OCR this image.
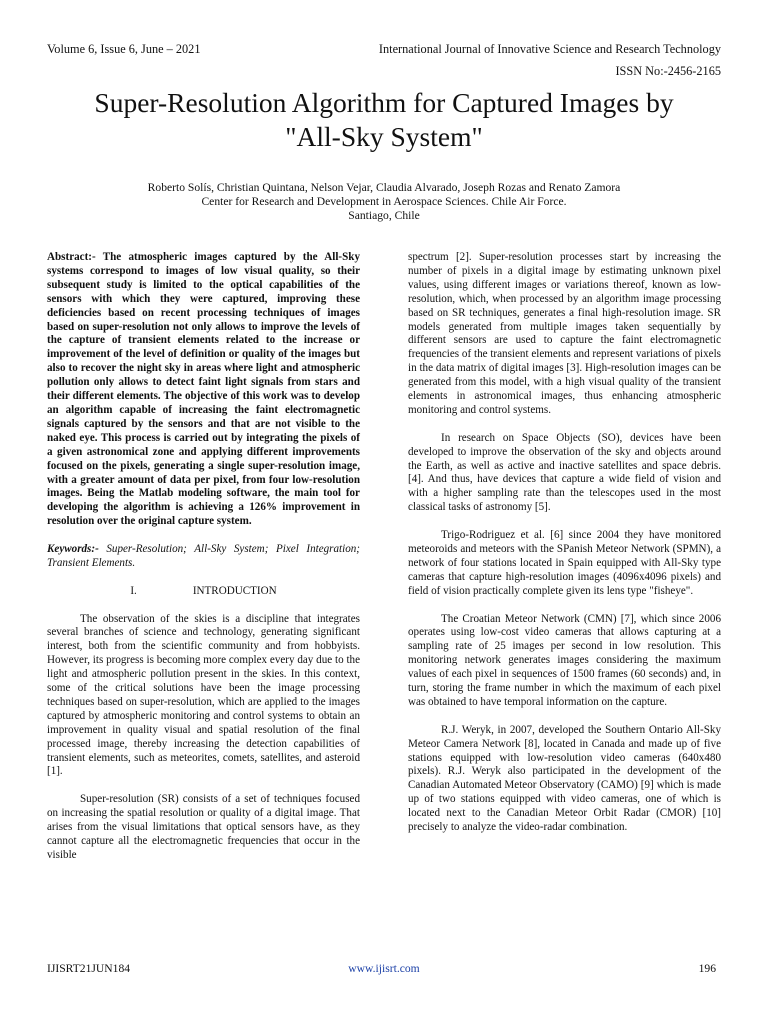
Volume 6, Issue 6, June – 2021	International Journal of Innovative Science and Research Technology
ISSN No:-2456-2165
Super-Resolution Algorithm for Captured Images by
"All-Sky System"
Roberto Solís, Christian Quintana, Nelson Vejar, Claudia Alvarado, Joseph Rozas and Renato Zamora
Center for Research and Development in Aerospace Sciences. Chile Air Force.
Santiago, Chile

Abstract:- The atmospheric images captured by the All-Sky systems correspond to images of low visual quality, so their subsequent study is limited to the optical capabilities of the sensors with which they were captured, improving these deficiencies based on recent processing techniques of images based on super-resolution not only allows to improve the levels of the capture of transient elements related to the increase or improvement of the level of definition or quality of the images but also to recover the night sky in areas where light and atmospheric pollution only allows to detect faint light signals from stars and their different elements. The objective of this work was to develop an algorithm capable of increasing the faint electromagnetic signals captured by the sensors and that are not visible to the naked eye. This process is carried out by integrating the pixels of a given astronomical zone and applying different improvements focused on the pixels, generating a single super-resolution image, with a greater amount of data per pixel, from four low-resolution images. Being the Matlab modeling software, the main tool for developing the algorithm is achieving a 126% improvement in resolution over the original capture system.

Keywords:- Super-Resolution; All-Sky System; Pixel Integration; Transient Elements.

I.	INTRODUCTION

The observation of the skies is a discipline that integrates several branches of science and technology, generating significant interest, both from the scientific community and from hobbyists. However, its progress is becoming more complex every day due to the light and atmospheric pollution present in the skies. In this context, some of the critical solutions have been the image processing techniques based on super-resolution, which are applied to the images captured by atmospheric monitoring and control systems to obtain an improvement in quality visual and spatial resolution of the final processed image, thereby increasing the detection capabilities of transient elements, such as meteorites, comets, satellites, and asteroid [1].

Super-resolution (SR) consists of a set of techniques focused on increasing the spatial resolution or quality of a digital image. That arises from the visual limitations that optical sensors have, as they cannot capture all the electromagnetic frequencies that occur in the visible

spectrum [2]. Super-resolution processes start by increasing the number of pixels in a digital image by estimating unknown pixel values, using different images or variations thereof, known as low-resolution, which, when processed by an algorithm image processing based on SR techniques, generates a final high-resolution image. SR models generated from multiple images taken sequentially by different sensors are used to capture the faint electromagnetic frequencies of the transient elements and represent variations of pixels in the data matrix of digital images [3]. High-resolution images can be generated from this model, with a high visual quality of the transient elements in astronomical images, thus enhancing atmospheric monitoring and control systems.

In research on Space Objects (SO), devices have been developed to improve the observation of the sky and objects around the Earth, as well as active and inactive satellites and space debris. [4]. And thus, have devices that capture a wide field of vision and with a higher sampling rate than the telescopes used in the most classical tasks of astronomy [5].

Trigo-Rodriguez et al. [6] since 2004 they have monitored meteoroids and meteors with the SPanish Meteor Network (SPMN), a network of four stations located in Spain equipped with All-Sky type cameras that capture high-resolution images (4096x4096 pixels) and field of vision practically complete given its lens type "fisheye".

The Croatian Meteor Network (CMN) [7], which since 2006 operates using low-cost video cameras that allows capturing at a sampling rate of 25 images per second in low resolution. This monitoring network generates images considering the maximum values of each pixel in sequences of 1500 frames (60 seconds) and, in turn, storing the frame number in which the maximum of each pixel was obtained to have temporal information on the capture.

R.J. Weryk, in 2007, developed the Southern Ontario All-Sky Meteor Camera Network [8], located in Canada and made up of five stations equipped with low-resolution video cameras (640x480 pixels). R.J. Weryk also participated in the development of the Canadian Automated Meteor Observatory (CAMO) [9] which is made up of two stations equipped with video cameras, one of which is located next to the Canadian Meteor Orbit Radar (CMOR) [10] precisely to analyze the video-radar combination.

IJISRT21JUN184	www.ijisrt.com	196
